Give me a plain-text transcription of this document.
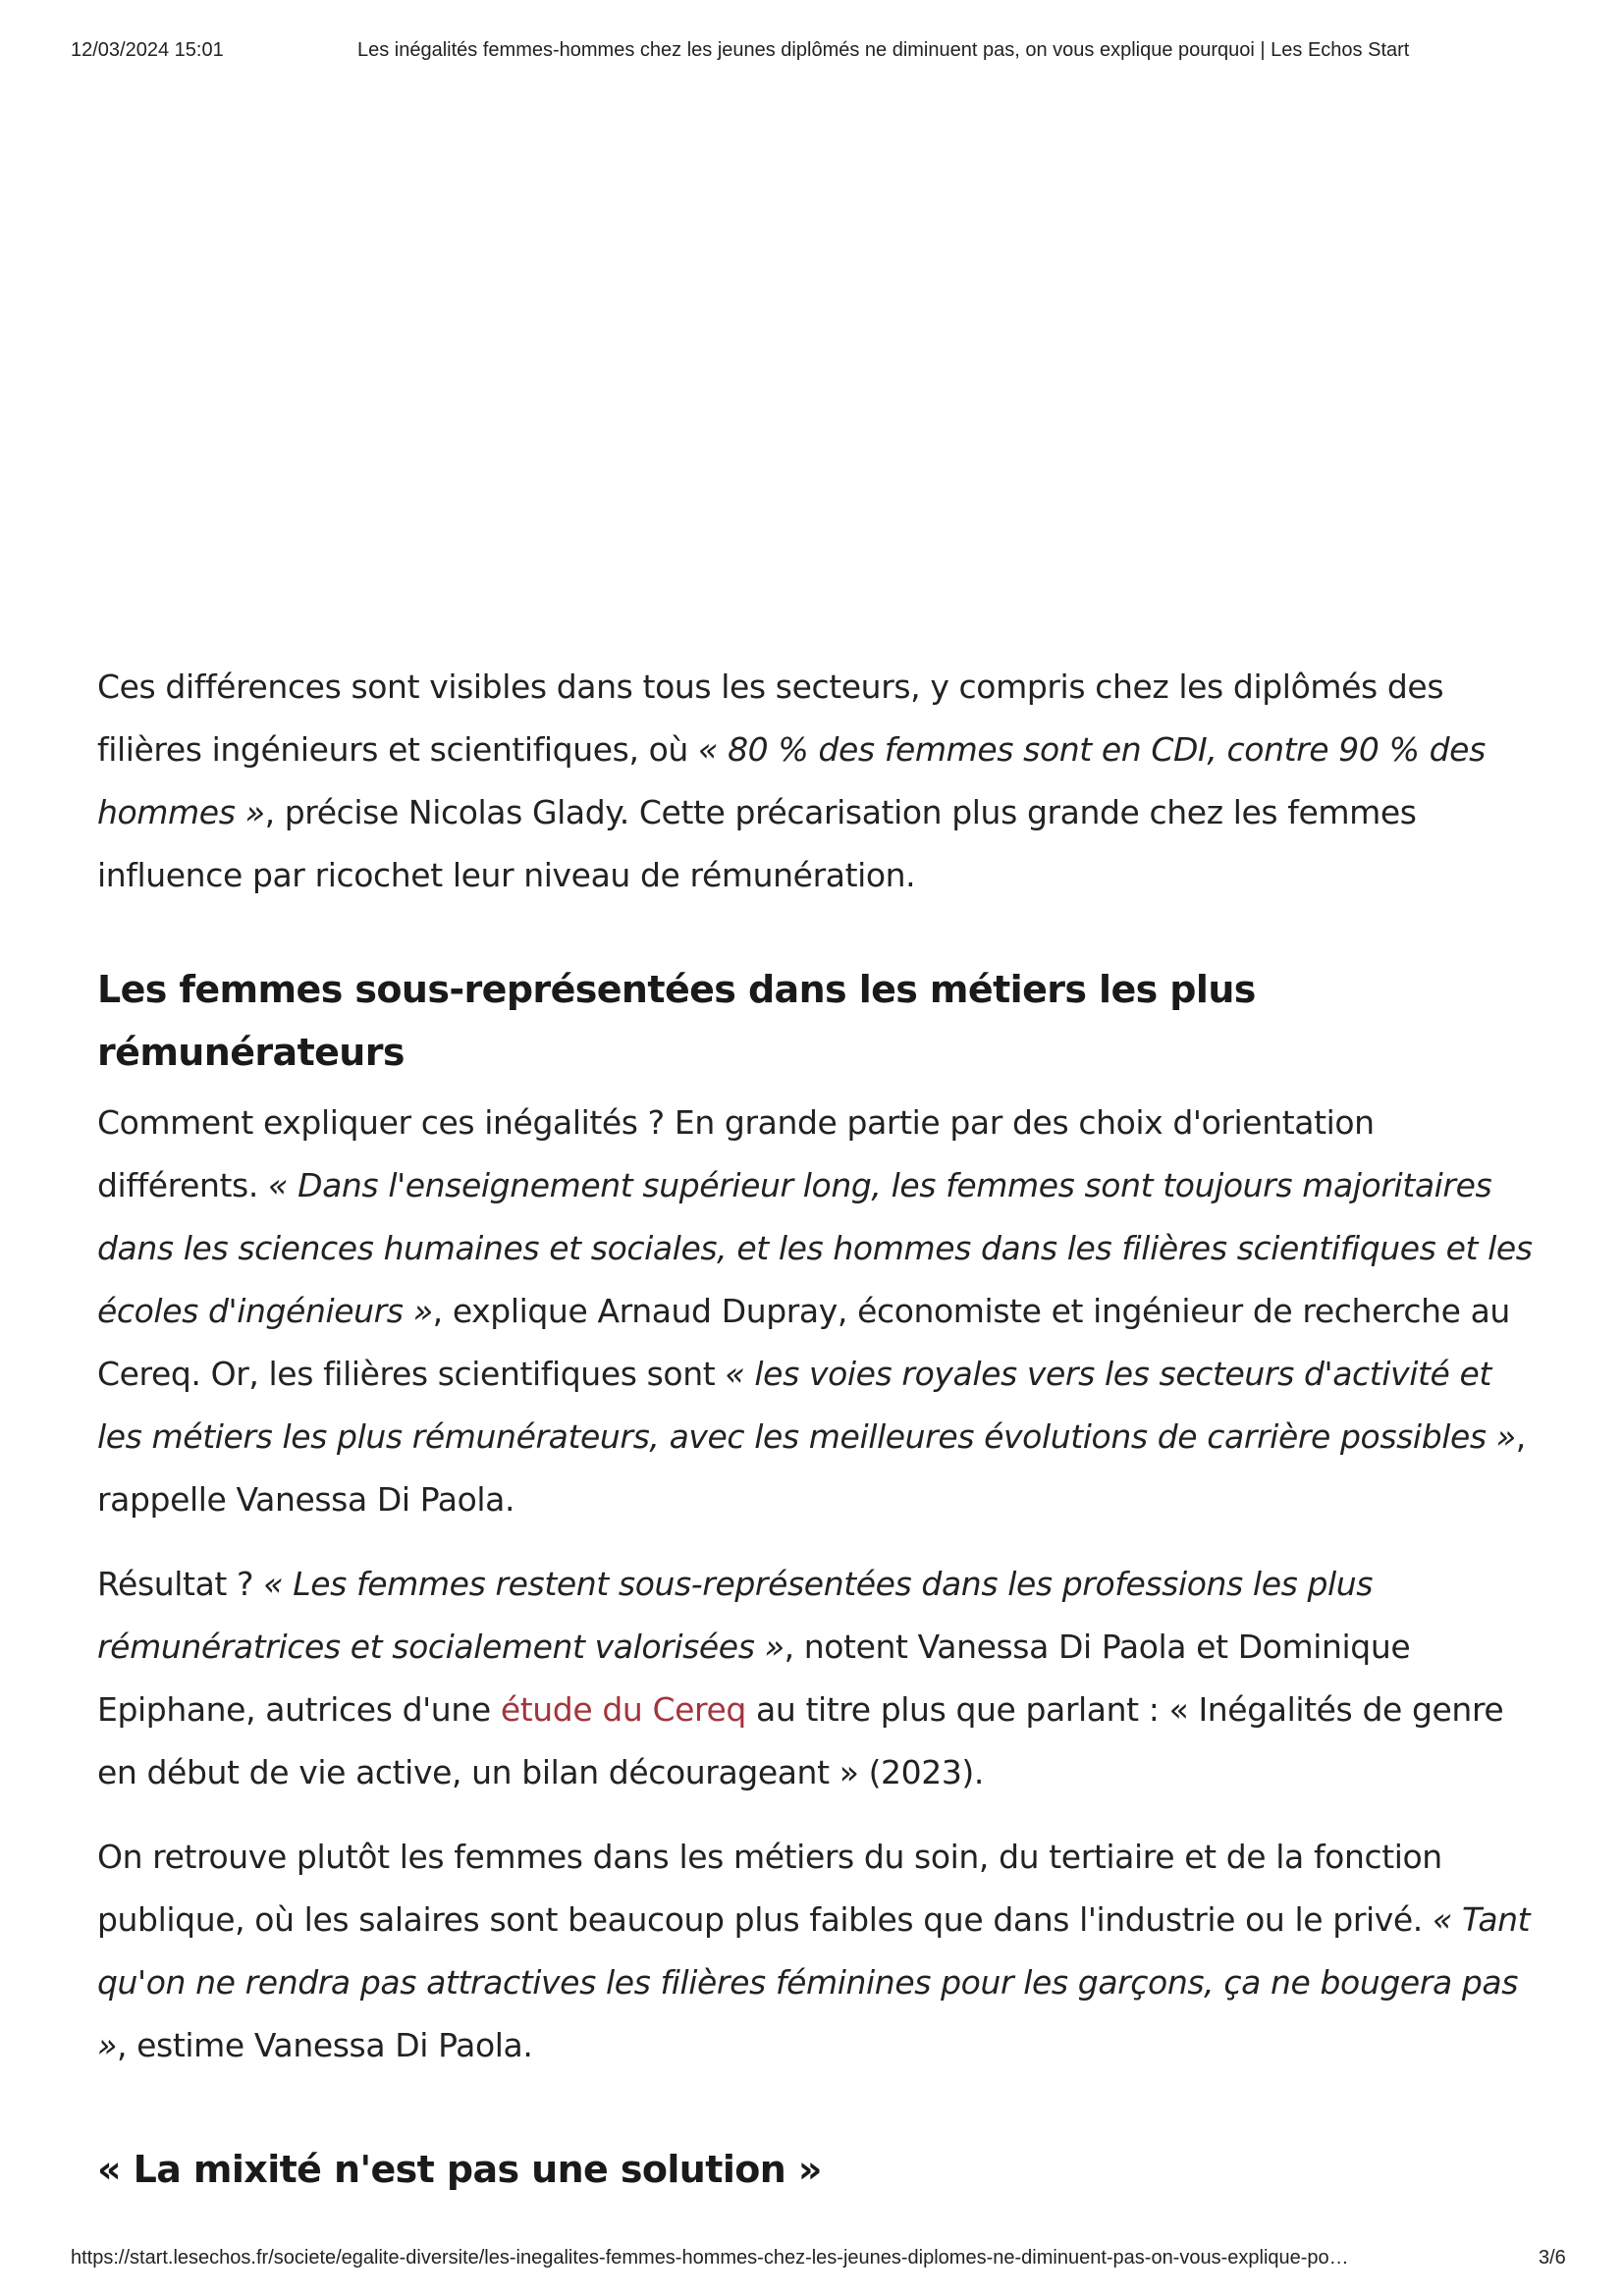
12/03/2024 15:01	Les inégalités femmes-hommes chez les jeunes diplômés ne diminuent pas, on vous explique pourquoi | Les Echos Start

Ces différences sont visibles dans tous les secteurs, y compris chez les diplômés des filières ingénieurs et scientifiques, où « 80 % des femmes sont en CDI, contre 90 % des hommes », précise Nicolas Glady. Cette précarisation plus grande chez les femmes influence par ricochet leur niveau de rémunération.

Les femmes sous-représentées dans les métiers les plus rémunérateurs

Comment expliquer ces inégalités ? En grande partie par des choix d'orientation différents. « Dans l'enseignement supérieur long, les femmes sont toujours majoritaires dans les sciences humaines et sociales, et les hommes dans les filières scientifiques et les écoles d'ingénieurs », explique Arnaud Dupray, économiste et ingénieur de recherche au Cereq. Or, les filières scientifiques sont « les voies royales vers les secteurs d'activité et les métiers les plus rémunérateurs, avec les meilleures évolutions de carrière possibles », rappelle Vanessa Di Paola.

Résultat ? « Les femmes restent sous-représentées dans les professions les plus rémunératrices et socialement valorisées », notent Vanessa Di Paola et Dominique Epiphane, autrices d'une étude du Cereq au titre plus que parlant : « Inégalités de genre en début de vie active, un bilan décourageant » (2023).

On retrouve plutôt les femmes dans les métiers du soin, du tertiaire et de la fonction publique, où les salaires sont beaucoup plus faibles que dans l'industrie ou le privé. « Tant qu'on ne rendra pas attractives les filières féminines pour les garçons, ça ne bougera pas », estime Vanessa Di Paola.

« La mixité n'est pas une solution »
https://start.lesechos.fr/societe/egalite-diversite/les-inegalites-femmes-hommes-chez-les-jeunes-diplomes-ne-diminuent-pas-on-vous-explique-po…	3/6
